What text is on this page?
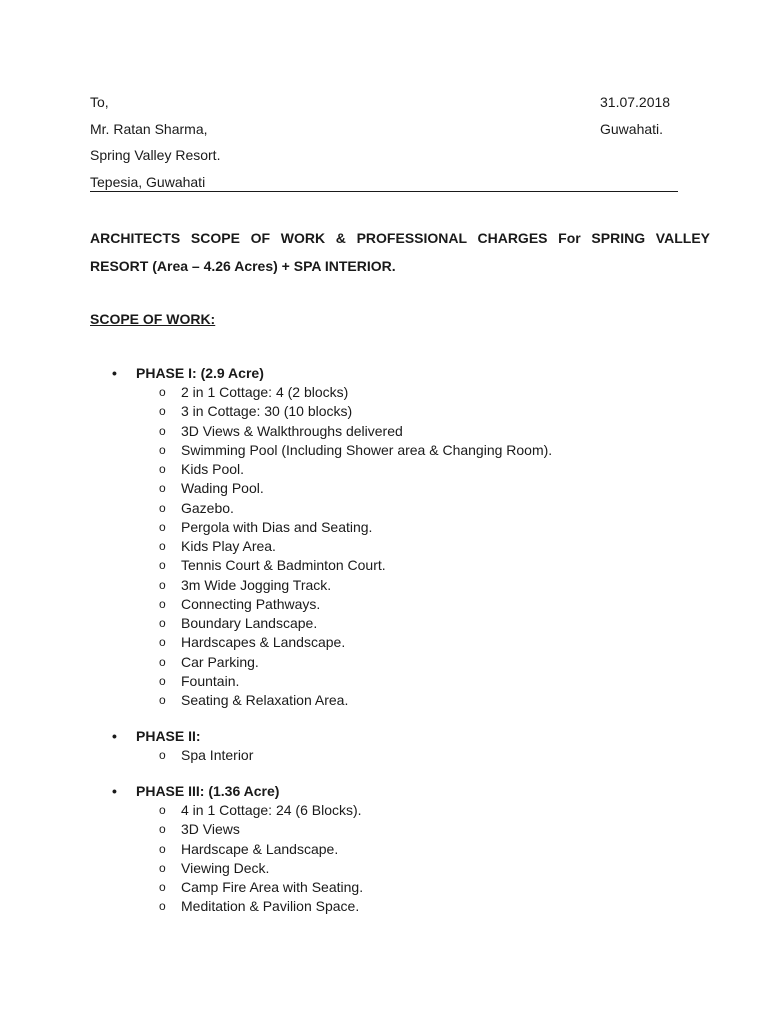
To,
Mr. Ratan Sharma,
Spring Valley Resort.
Tepesia, Guwahati
31.07.2018
Guwahati.
ARCHITECTS SCOPE OF WORK & PROFESSIONAL CHARGES For SPRING VALLEY
RESORT (Area – 4.26 Acres) + SPA INTERIOR.
SCOPE OF WORK:
• PHASE I: (2.9 Acre)
o 2 in 1 Cottage: 4 (2 blocks)
o 3 in Cottage: 30 (10 blocks)
o 3D Views & Walkthroughs delivered
o Swimming Pool (Including Shower area & Changing Room).
o Kids Pool.
o Wading Pool.
o Gazebo.
o Pergola with Dias and Seating.
o Kids Play Area.
o Tennis Court & Badminton Court.
o 3m Wide Jogging Track.
o Connecting Pathways.
o Boundary Landscape.
o Hardscapes & Landscape.
o Car Parking.
o Fountain.
o Seating & Relaxation Area.
• PHASE II:
o Spa Interior
• PHASE III: (1.36 Acre)
o 4 in 1 Cottage: 24 (6 Blocks).
o 3D Views
o Hardscape & Landscape.
o Viewing Deck.
o Camp Fire Area with Seating.
o Meditation & Pavilion Space.
